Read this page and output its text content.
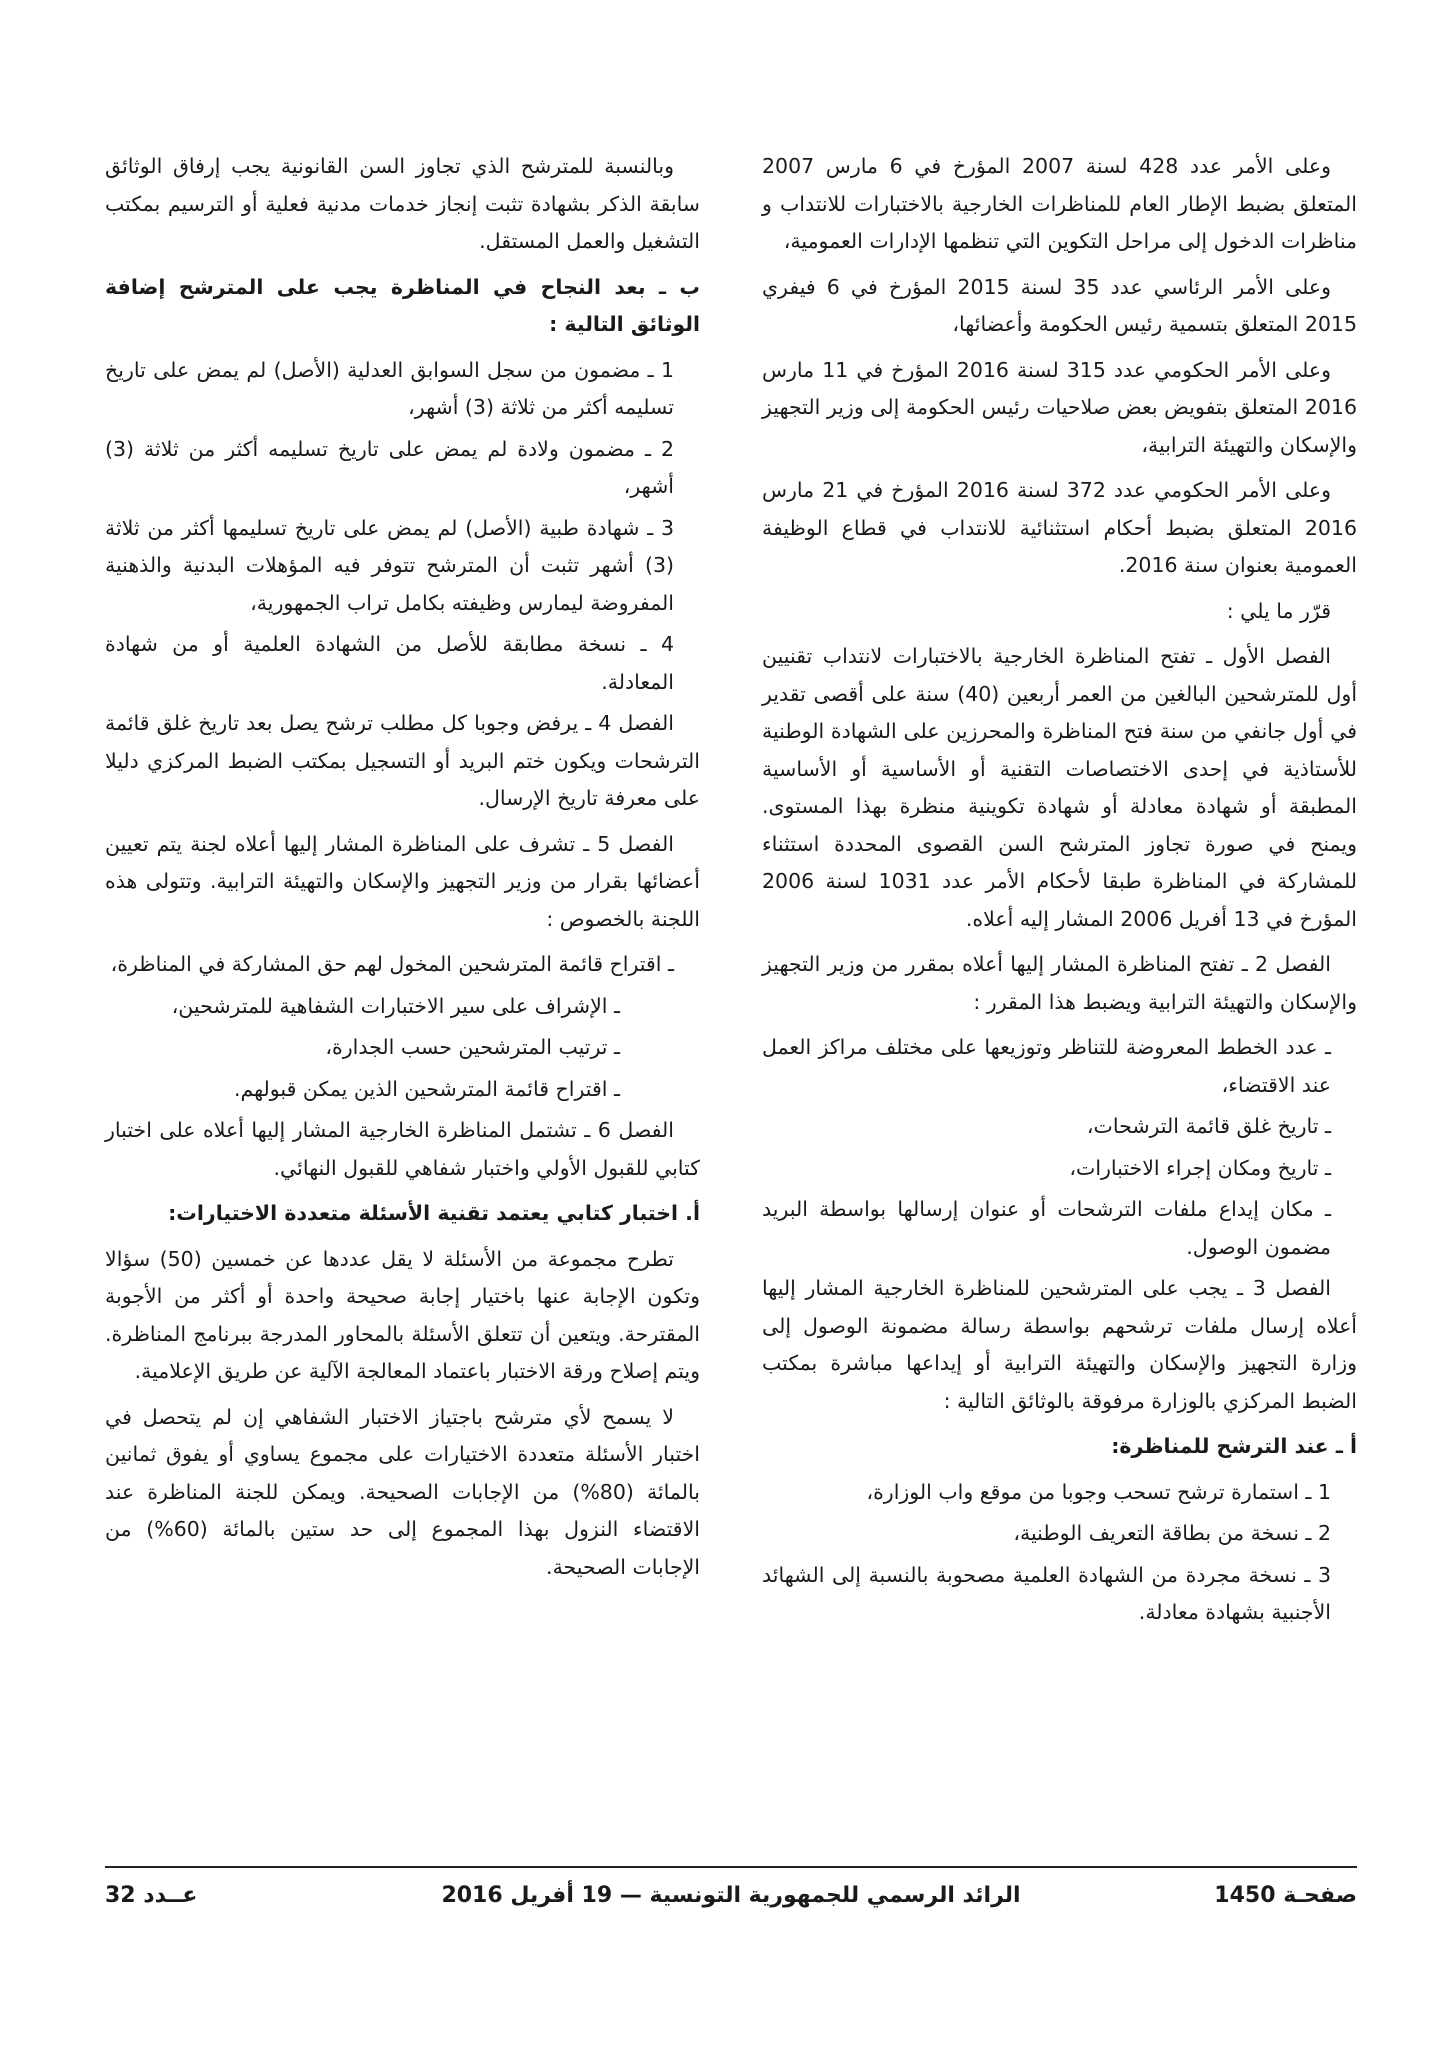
وعلى الأمر عدد 428 لسنة 2007 المؤرخ في 6 مارس 2007 المتعلق بضبط الإطار العام للمناظرات الخارجية بالاختبارات للانتداب و مناظرات الدخول إلى مراحل التكوين التي تنظمها الإدارات العمومية،

وعلى الأمر الرئاسي عدد 35 لسنة 2015 المؤرخ في 6 فيفري 2015 المتعلق بتسمية رئيس الحكومة وأعضائها،

وعلى الأمر الحكومي عدد 315 لسنة 2016 المؤرخ في 11 مارس 2016 المتعلق بتفويض بعض صلاحيات رئيس الحكومة إلى وزير التجهيز والإسكان والتهيئة الترابية،

وعلى الأمر الحكومي عدد 372 لسنة 2016 المؤرخ في 21 مارس 2016 المتعلق بضبط أحكام استثنائية للانتداب في قطاع الوظيفة العمومية بعنوان سنة 2016.

قرّر ما يلي :

الفصل الأول ـ تفتح المناظرة الخارجية بالاختبارات لانتداب تقنيين أول للمترشحين البالغين من العمر أربعين (40) سنة على أقصى تقدير في أول جانفي من سنة فتح المناظرة والمحرزين على الشهادة الوطنية للأستاذية في إحدى الاختصاصات التقنية أو الأساسية أو الأساسية المطبقة أو شهادة معادلة أو شهادة تكوينية منظرة بهذا المستوى. ويمنح في صورة تجاوز المترشح السن القصوى المحددة استثناء للمشاركة في المناظرة طبقا لأحكام الأمر عدد 1031 لسنة 2006 المؤرخ في 13 أفريل 2006 المشار إليه أعلاه.

الفصل 2 ـ تفتح المناظرة المشار إليها أعلاه بمقرر من وزير التجهيز والإسكان والتهيئة الترابية ويضبط هذا المقرر :

ـ عدد الخطط المعروضة للتناظر وتوزيعها على مختلف مراكز العمل عند الاقتضاء،

ـ تاريخ غلق قائمة الترشحات،

ـ تاريخ ومكان إجراء الاختبارات،

ـ مكان إيداع ملفات الترشحات أو عنوان إرسالها بواسطة البريد مضمون الوصول.

الفصل 3 ـ يجب على المترشحين للمناظرة الخارجية المشار إليها أعلاه إرسال ملفات ترشحهم بواسطة رسالة مضمونة الوصول إلى وزارة التجهيز والإسكان والتهيئة الترابية أو إيداعها مباشرة بمكتب الضبط المركزي بالوزارة مرفوقة بالوثائق التالية :

أ ـ عند الترشح للمناظرة:

1 ـ استمارة ترشح تسحب وجوبا من موقع واب الوزارة،

2 ـ نسخة من بطاقة التعريف الوطنية،

3 ـ نسخة مجردة من الشهادة العلمية مصحوبة بالنسبة إلى الشهائد الأجنبية بشهادة معادلة.

وبالنسبة للمترشح الذي تجاوز السن القانونية يجب إرفاق الوثائق سابقة الذكر بشهادة تثبت إنجاز خدمات مدنية فعلية أو الترسيم بمكتب التشغيل والعمل المستقل.

ب ـ بعد النجاح في المناظرة يجب على المترشح إضافة الوثائق التالية :

1 ـ مضمون من سجل السوابق العدلية (الأصل) لم يمض على تاريخ تسليمه أكثر من ثلاثة (3) أشهر،

2 ـ مضمون ولادة لم يمض على تاريخ تسليمه أكثر من ثلاثة (3) أشهر،

3 ـ شهادة طبية (الأصل) لم يمض على تاريخ تسليمها أكثر من ثلاثة (3) أشهر تثبت أن المترشح تتوفر فيه المؤهلات البدنية والذهنية المفروضة ليمارس وظيفته بكامل تراب الجمهورية،

4 ـ نسخة مطابقة للأصل من الشهادة العلمية أو من شهادة المعادلة.

الفصل 4 ـ يرفض وجوبا كل مطلب ترشح يصل بعد تاريخ غلق قائمة الترشحات ويكون ختم البريد أو التسجيل بمكتب الضبط المركزي دليلا على معرفة تاريخ الإرسال.

الفصل 5 ـ تشرف على المناظرة المشار إليها أعلاه لجنة يتم تعيين أعضائها بقرار من وزير التجهيز والإسكان والتهيئة الترابية. وتتولى هذه اللجنة بالخصوص :

ـ اقتراح قائمة المترشحين المخول لهم حق المشاركة في المناظرة،

ـ الإشراف على سير الاختبارات الشفاهية للمترشحين،

ـ ترتيب المترشحين حسب الجدارة،

ـ اقتراح قائمة المترشحين الذين يمكن قبولهم.

الفصل 6 ـ تشتمل المناظرة الخارجية المشار إليها أعلاه على اختبار كتابي للقبول الأولي واختبار شفاهي للقبول النهائي.

أ. اختبار كتابي يعتمد تقنية الأسئلة متعددة الاختيارات:

تطرح مجموعة من الأسئلة لا يقل عددها عن خمسين (50) سؤالا وتكون الإجابة عنها باختيار إجابة صحيحة واحدة أو أكثر من الأجوبة المقترحة. ويتعين أن تتعلق الأسئلة بالمحاور المدرجة ببرنامج المناظرة. ويتم إصلاح ورقة الاختبار باعتماد المعالجة الآلية عن طريق الإعلامية.

لا يسمح لأي مترشح باجتياز الاختبار الشفاهي إن لم يتحصل في اختبار الأسئلة متعددة الاختيارات على مجموع يساوي أو يفوق ثمانين بالمائة (80%) من الإجابات الصحيحة. ويمكن للجنة المناظرة عند الاقتضاء النزول بهذا المجموع إلى حد ستين بالمائة (60%) من الإجابات الصحيحة.

صفحـة 1450
الرائد الرسمي للجمهورية التونسية — 19 أفريل 2016
عــدد 32
